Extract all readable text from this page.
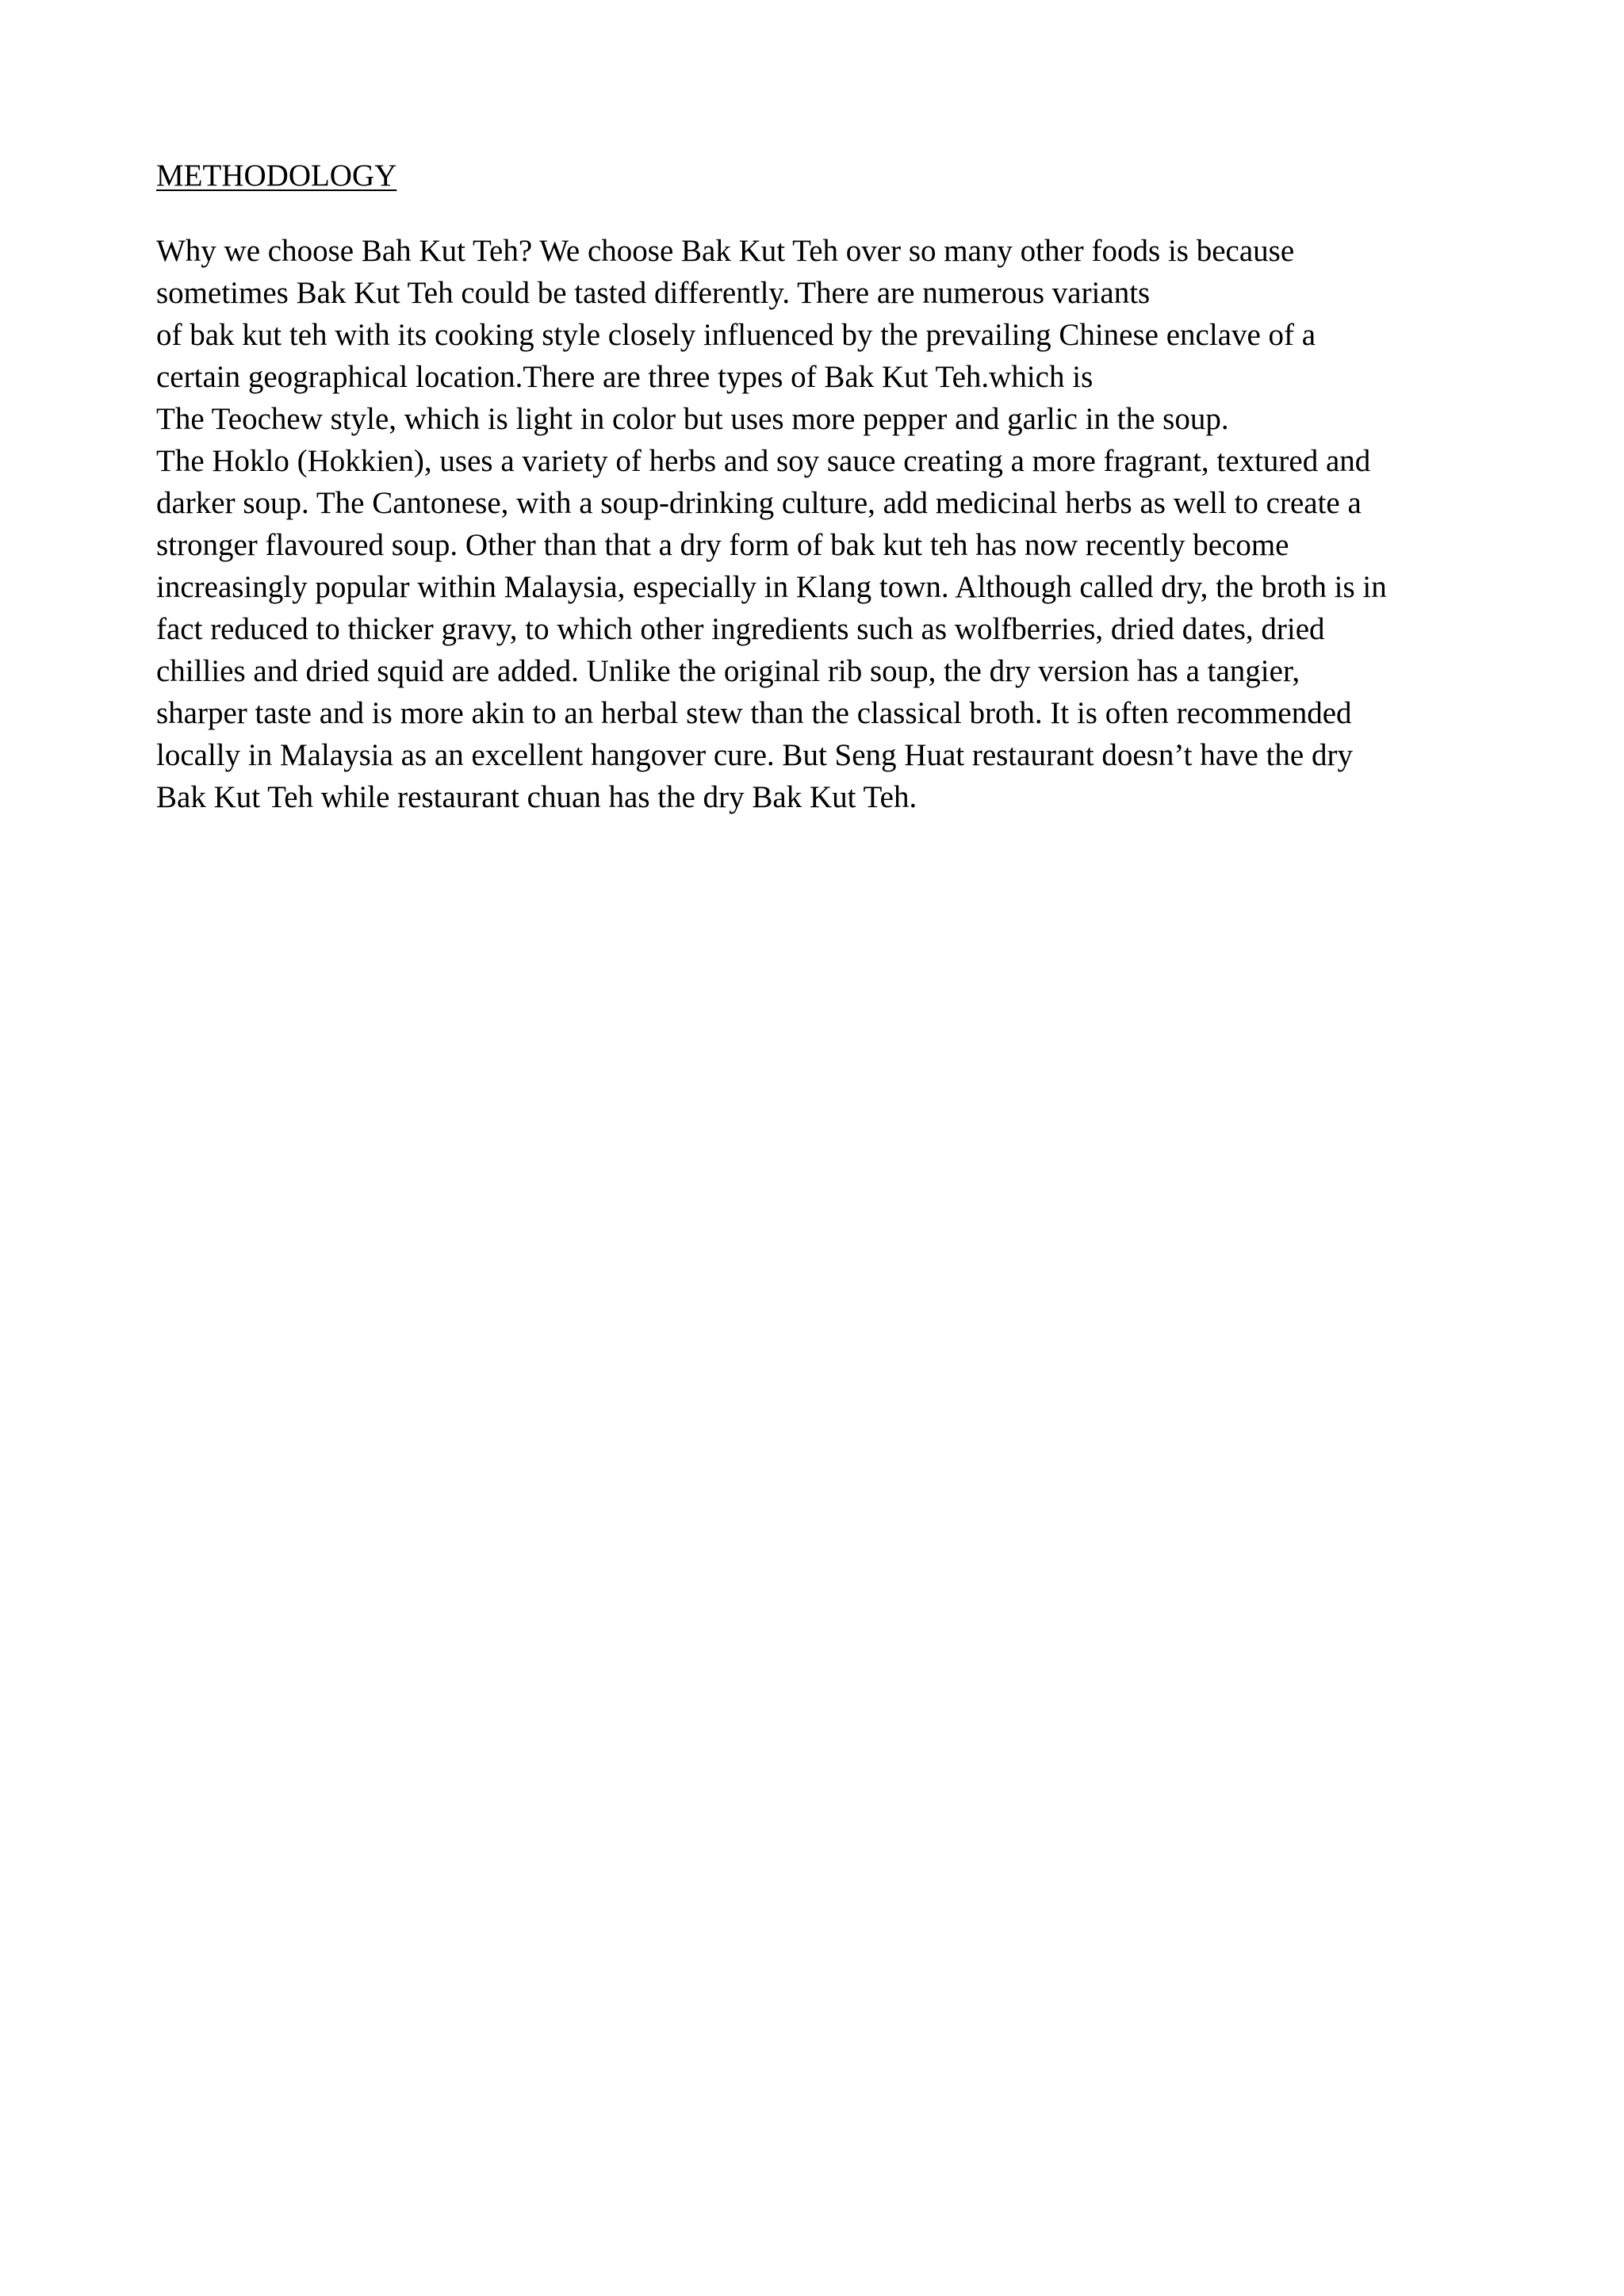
METHODOLOGY
Why we choose Bah Kut Teh? We choose Bak Kut Teh over so many other foods is because
sometimes Bak Kut Teh could be tasted differently. There are numerous variants
of bak kut teh with its cooking style closely influenced by the prevailing Chinese enclave of a
certain geographical location.There are three types of Bak Kut Teh.which is
The Teochew style, which is light in color but uses more pepper and garlic in the soup.
The Hoklo (Hokkien), uses a variety of herbs and soy sauce creating a more fragrant, textured and
darker soup. The Cantonese, with a soup-drinking culture, add medicinal herbs as well to create a
stronger flavoured soup. Other than that a dry form of bak kut teh has now recently become
increasingly popular within Malaysia, especially in Klang town. Although called dry, the broth is in
fact reduced to thicker gravy, to which other ingredients such as wolfberries, dried dates, dried
chillies and dried squid are added. Unlike the original rib soup, the dry version has a tangier,
sharper taste and is more akin to an herbal stew than the classical broth. It is often recommended
locally in Malaysia as an excellent hangover cure. But Seng Huat restaurant doesn’t have the dry
Bak Kut Teh while restaurant chuan has the dry Bak Kut Teh.
